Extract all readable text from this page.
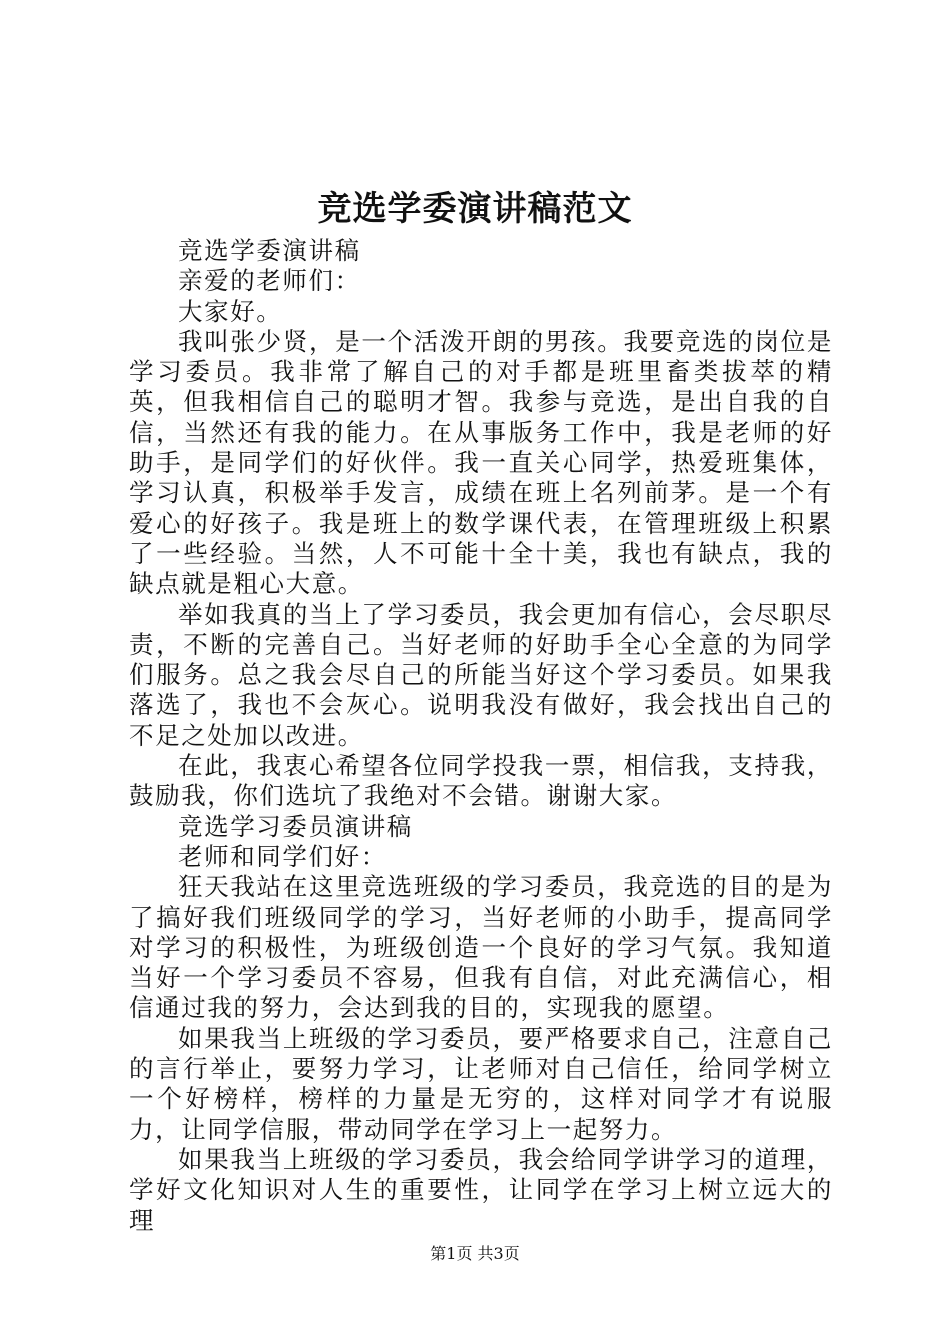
竞选学委演讲稿范文

竞选学委演讲稿

亲爱的老师们：

大家好。

我叫张少贤，是一个活泼开朗的男孩。我要竞选的岗位是学习委员。我非常了解自己的对手都是班里畜类拔萃的精英，但我相信自己的聪明才智。我参与竞选，是出自我的自信，当然还有我的能力。在从事版务工作中，我是老师的好助手，是同学们的好伙伴。我一直关心同学，热爱班集体，学习认真，积极举手发言，成绩在班上名列前茅。是一个有爱心的好孩子。我是班上的数学课代表，在管理班级上积累了一些经验。当然，人不可能十全十美，我也有缺点，我的缺点就是粗心大意。

举如我真的当上了学习委员，我会更加有信心，会尽职尽责，不断的完善自己。当好老师的好助手全心全意的为同学们服务。总之我会尽自己的所能当好这个学习委员。如果我落选了，我也不会灰心。说明我没有做好，我会找出自己的不足之处加以改进。

在此，我衷心希望各位同学投我一票，相信我，支持我，鼓励我，你们选坑了我绝对不会错。谢谢大家。

竞选学习委员演讲稿

老师和同学们好：

狂天我站在这里竞选班级的学习委员，我竞选的目的是为了搞好我们班级同学的学习，当好老师的小助手，提高同学对学习的积极性，为班级创造一个良好的学习气氛。我知道当好一个学习委员不容易，但我有自信，对此充满信心，相信通过我的努力，会达到我的目的，实现我的愿望。

如果我当上班级的学习委员，要严格要求自己，注意自己的言行举止，要努力学习，让老师对自己信任，给同学树立一个好榜样，榜样的力量是无穷的，这样对同学才有说服力，让同学信服，带动同学在学习上一起努力。

如果我当上班级的学习委员，我会给同学讲学习的道理，学好文化知识对人生的重要性，让同学在学习上树立远大的理

第1页 共3页
